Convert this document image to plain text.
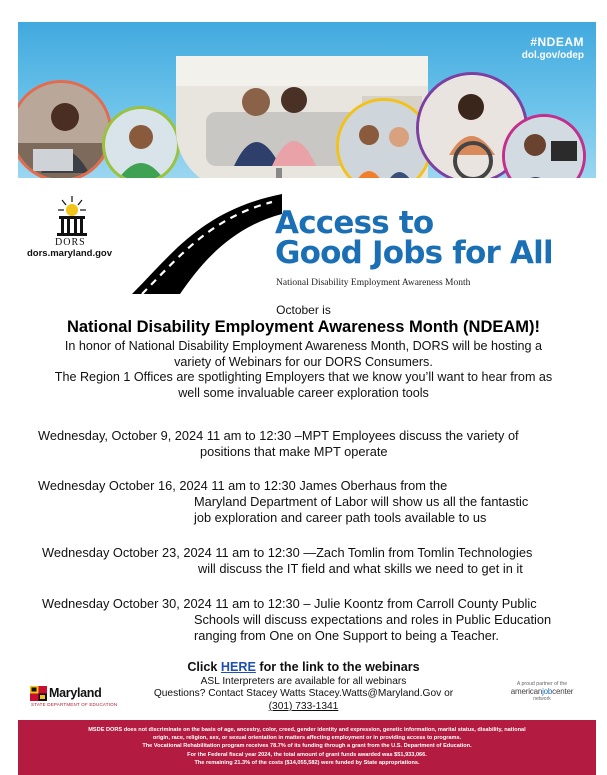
#NDEAM
dol.gov/odep
DORS
dors.maryland.gov
Access to
Good Jobs for All
National Disability Employment Awareness Month
October is
National Disability Employment Awareness Month (NDEAM)!
In honor of National Disability Employment Awareness Month, DORS will be hosting a
variety of Webinars for our DORS Consumers.
The Region 1 Offices are spotlighting Employers that we know you’ll want to hear from as
well some invaluable career exploration tools
Wednesday, October 9, 2024 11 am to 12:30 –MPT Employees discuss the variety of
positions that make MPT operate
Wednesday October 16, 2024 11 am to 12:30 James Oberhaus from the
Maryland Department of Labor will show us all the fantastic
job exploration and career path tools available to us
Wednesday October 23, 2024 11 am to 12:30 —Zach Tomlin from Tomlin Technologies
will discuss the IT field and what skills we need to get in it
Wednesday October 30, 2024 11 am to 12:30 – Julie Koontz from Carroll County Public
Schools will discuss expectations and roles in Public Education
ranging from One on One Support to being a Teacher.
Click HERE for the link to the webinars
ASL Interpreters are available for all webinars
Questions? Contact Stacey Watts Stacey.Watts@Maryland.Gov or
(301) 733-1341
Maryland
STATE DEPARTMENT OF EDUCATION
A proud partner of the
americanjobcenter
network
MSDE DORS does not discriminate on the basis of age, ancestry, color, creed, gender identity and expression, genetic information, marital status, disability, national
origin, race, religion, sex, or sexual orientation in matters affecting employment or in providing access to programs.
The Vocational Rehabilitation program receives 78.7% of its funding through a grant from the U.S. Department of Education.
For the Federal fiscal year 2024, the total amount of grant funds awarded was $51,933,066.
The remaining 21.3% of the costs ($14,055,582) were funded by State appropriations.
